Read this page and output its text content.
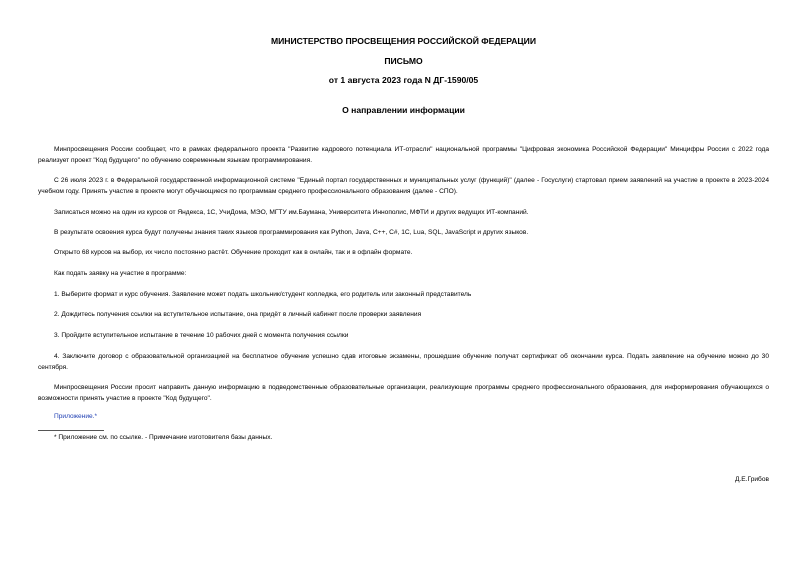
МИНИСТЕРСТВО ПРОСВЕЩЕНИЯ РОССИЙСКОЙ ФЕДЕРАЦИИ
ПИСЬМО
от 1 августа 2023 года N ДГ-1590/05
О направлении информации
Минпросвещения России сообщает, что в рамках федерального проекта "Развитие кадрового потенциала ИТ-отрасли" национальной программы "Цифровая экономика Российской Федерации" Минцифры России с 2022 года реализует проект "Код будущего" по обучению современным языкам программирования.
С 26 июля 2023 г. в Федеральной государственной информационной системе "Единый портал государственных и муниципальных услуг (функций)" (далее - Госуслуги) стартовал прием заявлений на участие в проекте в 2023-2024 учебном году. Принять участие в проекте могут обучающиеся по программам среднего профессионального образования (далее - СПО).
Записаться можно на один из курсов от Яндекса, 1С, УчиДома, МЭО, МГТУ им.Баумана, Университета Иннополис, МФТИ и других ведущих ИТ-компаний.
В результате освоения курса будут получены знания таких языков программирования как Python, Java, C++, C#, 1С, Lua, SQL, JavaScript и других языков.
Открыто 68 курсов на выбор, их число постоянно растёт. Обучение проходит как в онлайн, так и в офлайн формате.
Как подать заявку на участие в программе:
1. Выберите формат и курс обучения. Заявление может подать школьник/студент колледжа, его родитель или законный представитель
2. Дождитесь получения ссылки на вступительное испытание, она придёт в личный кабинет после проверки заявления
3. Пройдите вступительное испытание в течение 10 рабочих дней с момента получения ссылки
4. Заключите договор с образовательной организацией на бесплатное обучение успешно сдав итоговые экзамены, прошедшие обучение получат сертификат об окончании курса. Подать заявление на обучение можно до 30 сентября.
Минпросвещения России просит направить данную информацию в подведомственные образовательные организации, реализующие программы среднего профессионального образования, для информирования обучающихся о возможности принять участие в проекте "Код будущего".
Приложение.*
* Приложение см. по ссылке. - Примечание изготовителя базы данных.
Д.Е.Грибов
